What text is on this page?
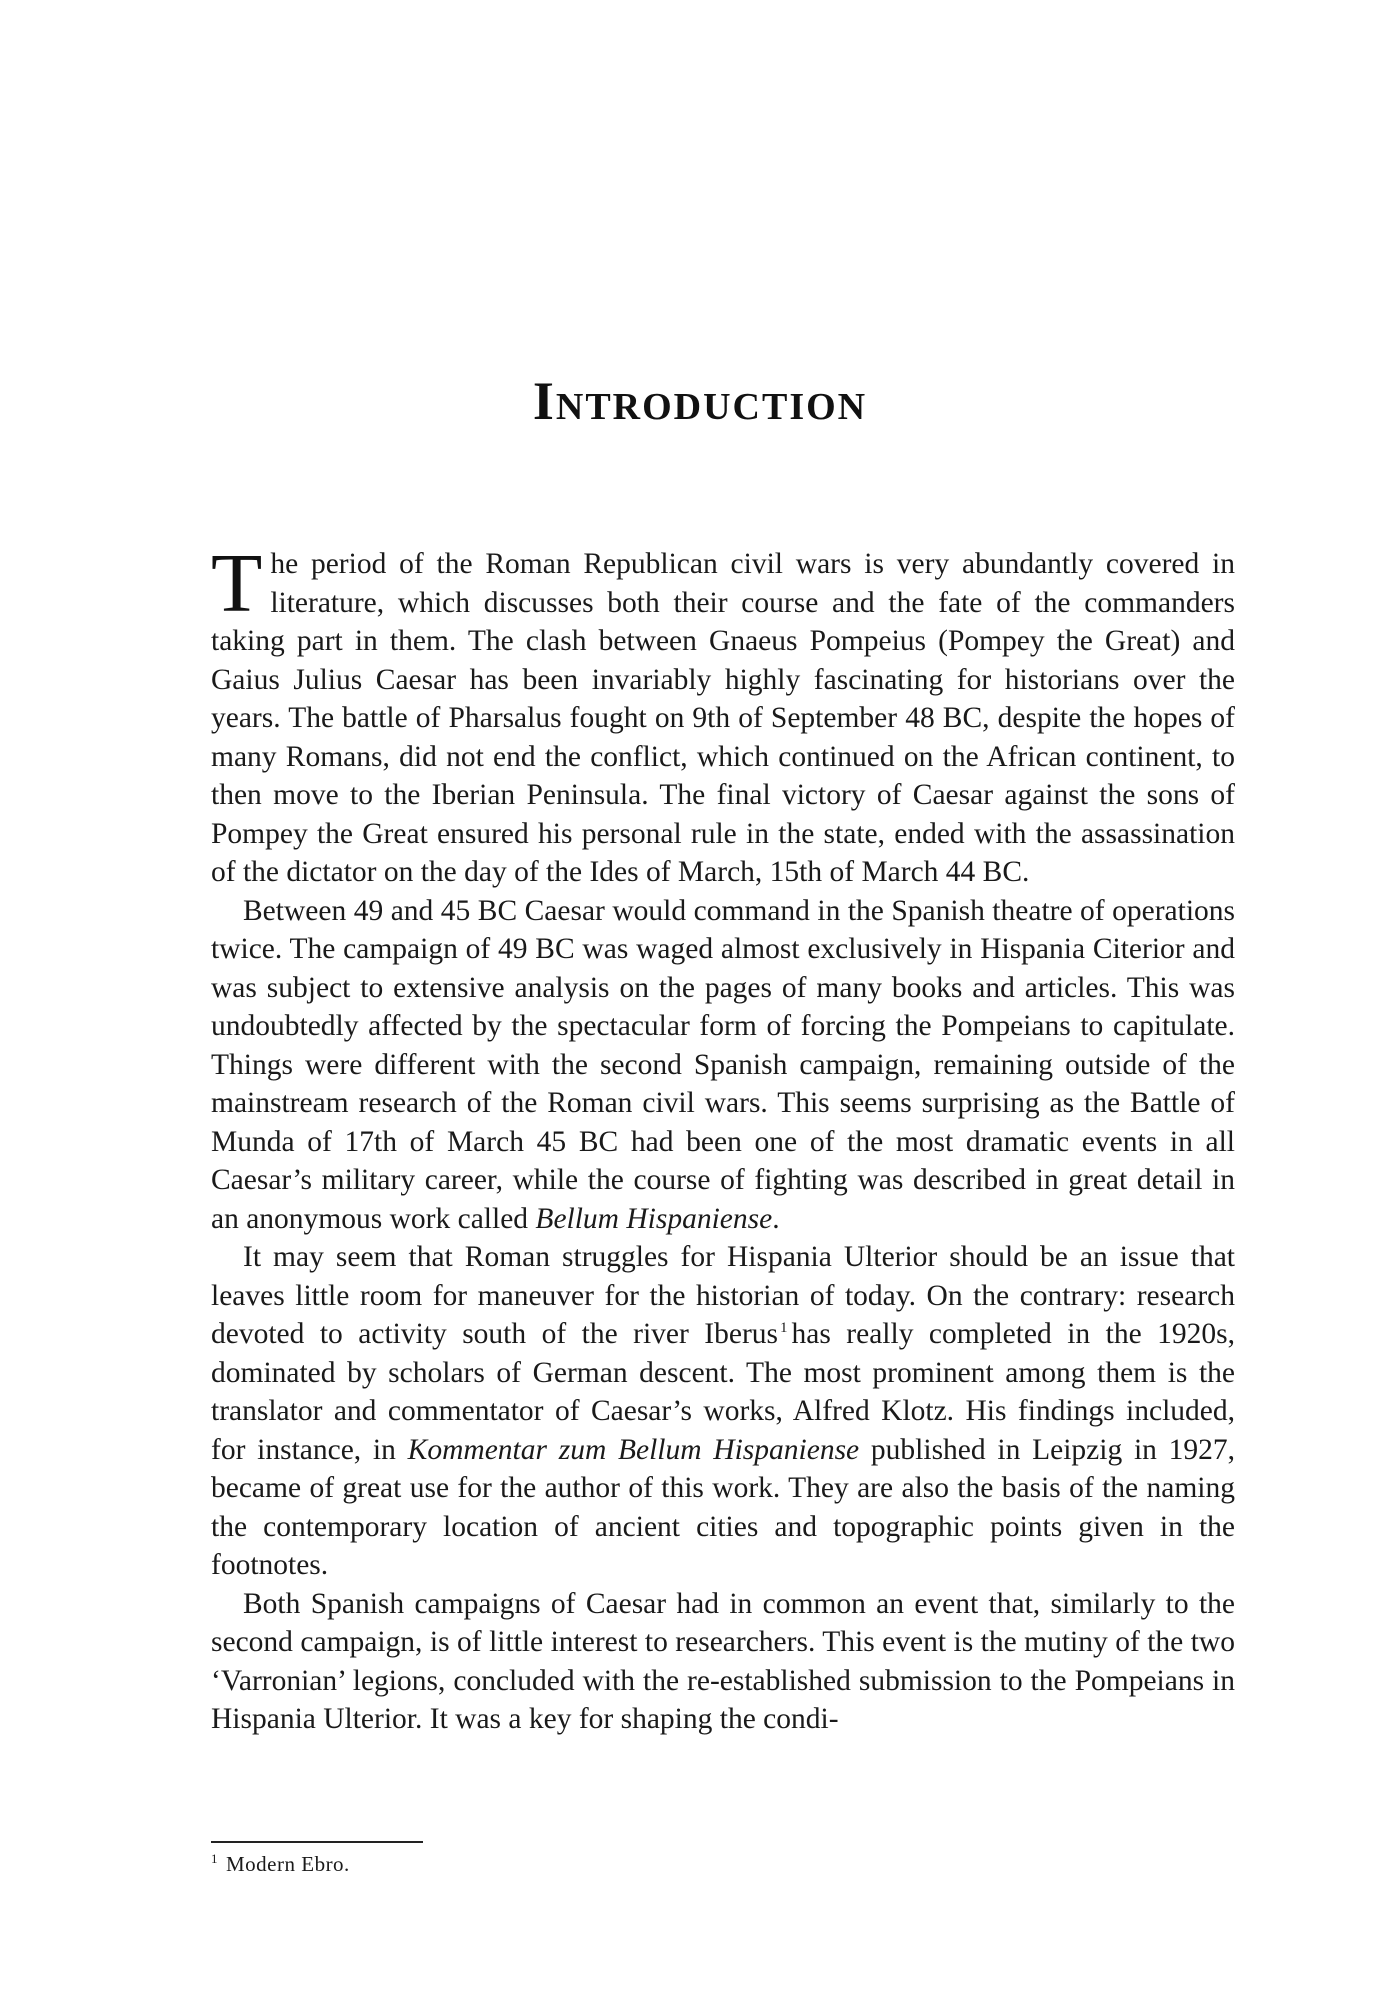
Introduction

The period of the Roman Republican civil wars is very abundantly covered in literature, which discusses both their course and the fate of the commanders taking part in them. The clash between Gnaeus Pompeius (Pompey the Great) and Gaius Julius Caesar has been invariably highly fascinating for historians over the years. The battle of Pharsalus fought on 9th of September 48 BC, despite the hopes of many Romans, did not end the conflict, which continued on the African continent, to then move to the Iberian Peninsula. The final victory of Caesar against the sons of Pompey the Great ensured his personal rule in the state, ended with the assassination of the dictator on the day of the Ides of March, 15th of March 44 BC.

Between 49 and 45 BC Caesar would command in the Spanish theatre of operations twice. The campaign of 49 BC was waged almost exclusively in Hispania Citerior and was subject to extensive analysis on the pages of many books and articles. This was undoubtedly affected by the spectacular form of forcing the Pompeians to capitulate. Things were different with the second Spanish campaign, remaining outside of the mainstream research of the Roman civil wars. This seems surprising as the Battle of Munda of 17th of March 45 BC had been one of the most dramatic events in all Caesar’s military career, while the course of fighting was described in great detail in an anonymous work called Bellum Hispaniense.

It may seem that Roman struggles for Hispania Ulterior should be an issue that leaves little room for maneuver for the historian of today. On the contrary: research devoted to activity south of the river Iberus $^1$ has really completed in the 1920s, dominated by scholars of German descent. The most prominent among them is the translator and commentator of Caesar’s works, Alfred Klotz. His findings included, for instance, in Kommentar zum Bellum Hispaniense published in Leipzig in 1927, became of great use for the author of this work. They are also the basis of the naming the contemporary location of ancient cities and topographic points given in the footnotes.

Both Spanish campaigns of Caesar had in common an event that, similarly to the second campaign, is of little interest to researchers. This event is the mutiny of the two ‘Varronian’ legions, concluded with the re-established submission to the Pompeians in Hispania Ulterior. It was a key for shaping the condi-

$^1$ Modern Ebro.
